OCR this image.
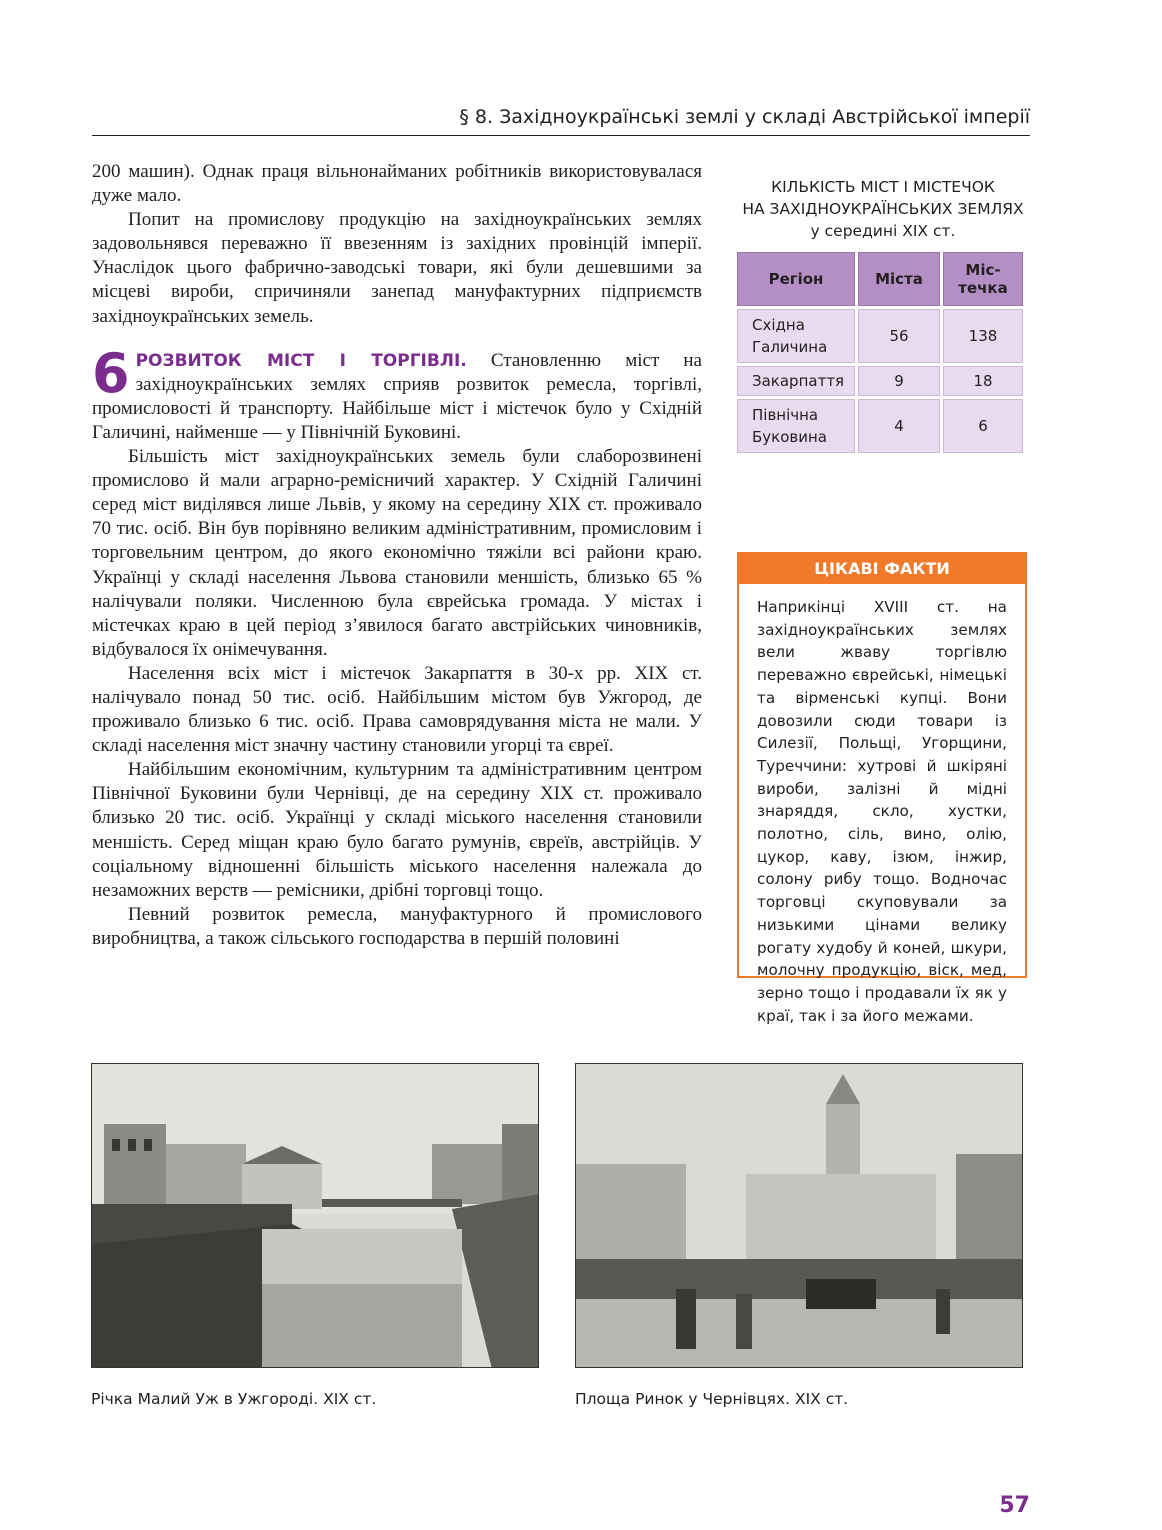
§ 8. Західноукраїнські землі у складі Австрійської імперії

200 машин). Однак праця вільнонайманих робітників використовувалася дуже мало.

Попит на промислову продукцію на західноукраїнських землях задовольнявся переважно її ввезенням із західних провінцій імперії. Унаслідок цього фабрично-заводські товари, які були дешевшими за місцеві вироби, спричиняли занепад мануфактурних підприємств західноукраїнських земель.

6 РОЗВИТОК МІСТ І ТОРГІВЛІ. Становленню міст на західноукраїнських землях сприяв розвиток ремесла, торгівлі, промисловості й транспорту. Найбільше міст і містечок було у Східній Галичині, найменше — у Північній Буковині.

Більшість міст західноукраїнських земель були слаборозвинені промислово й мали аграрно-ремісничий характер. У Східній Галичині серед міст виділявся лише Львів, у якому на середину XIX ст. проживало 70 тис. осіб. Він був порівняно великим адміністративним, промисловим і торговельним центром, до якого економічно тяжіли всі райони краю. Українці у складі населення Львова становили меншість, близько 65 % налічували поляки. Численною була єврейська громада. У містах і містечках краю в цей період з’явилося багато австрійських чиновників, відбувалося їх онімечування.

Населення всіх міст і містечок Закарпаття в 30-х рр. XIX ст. налічувало понад 50 тис. осіб. Найбільшим містом був Ужгород, де проживало близько 6 тис. осіб. Права самоврядування міста не мали. У складі населення міст значну частину становили угорці та євреї.

Найбільшим економічним, культурним та адміністративним центром Північної Буковини були Чернівці, де на середину XIX ст. проживало близько 20 тис. осіб. Українці у складі міського населення становили меншість. Серед міщан краю було багато румунів, євреїв, австрійців. У соціальному відношенні більшість міського населення належала до незаможних верств — ремісники, дрібні торговці тощо.

Певний розвиток ремесла, мануфактурного й промислового виробництва, а також сільського господарства в першій половині

КІЛЬКІСТЬ МІСТ І МІСТЕЧОК
НА ЗАХІДНОУКРАЇНСЬКИХ ЗЕМЛЯХ
у середині XIX ст.
Регіон	Міста	Міс-
течка
Східна
Галичина	56	138
Закарпаття	9	18
Північна
Буковина	4	6
ЦІКАВІ ФАКТИ
Наприкінці XVIII ст. на західноукраїнських землях вели жваву торгівлю переважно єврейські, німецькі та вірменські купці. Вони довозили сюди товари із Силезії, Польщі, Угорщини, Туреччини: хутрові й шкіряні вироби, залізні й мідні знаряддя, скло, хустки, полотно, сіль, вино, олію, цукор, каву, ізюм, інжир, солону рибу тощо. Водночас торговці скуповували за низькими цінами велику рогату худобу й коней, шкури, молочну продукцію, віск, мед, зерно тощо і продавали їх як у краї, так і за його межами.
Річка Малий Уж в Ужгороді. XIX ст.	Площа Ринок у Чернівцях. XIX ст.
57
